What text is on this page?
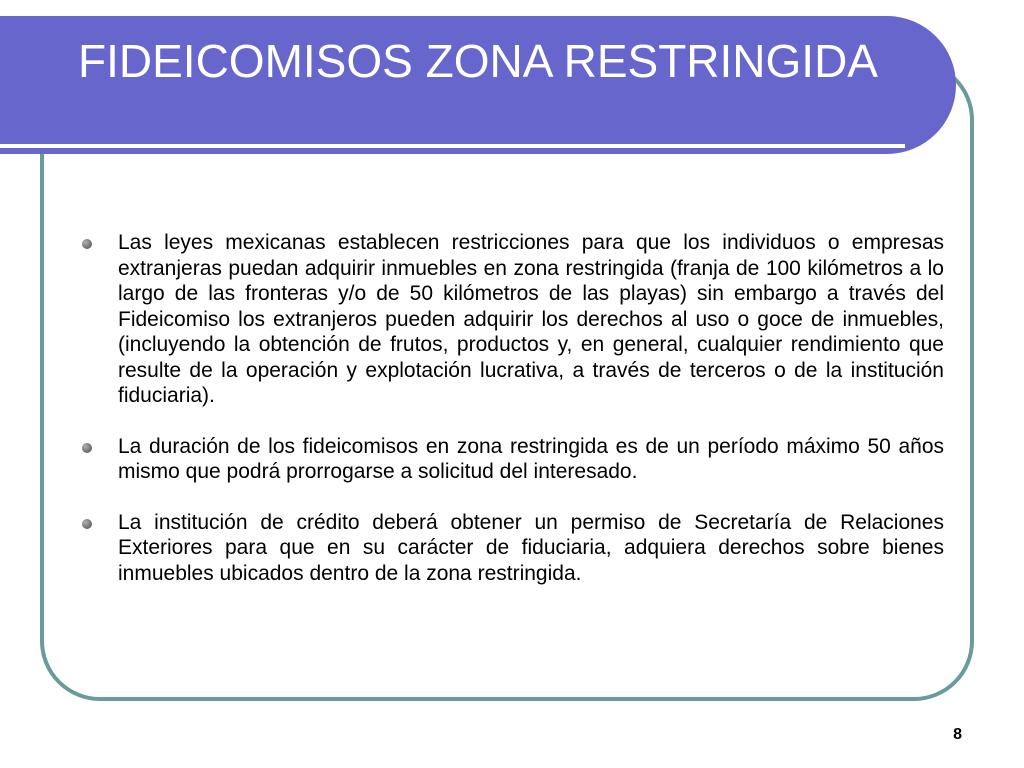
FIDEICOMISOS ZONA RESTRINGIDA
Las leyes mexicanas establecen restricciones para que los individuos o empresas extranjeras puedan adquirir inmuebles en zona restringida (franja de 100 kilómetros a lo largo de las fronteras y/o de 50 kilómetros de las playas) sin embargo a través del Fideicomiso los extranjeros pueden adquirir los derechos al uso o goce de inmuebles, (incluyendo la obtención de frutos, productos y, en general, cualquier rendimiento que resulte de la operación y explotación lucrativa, a través de terceros o de la institución fiduciaria).
La duración de los fideicomisos en zona restringida es de un período máximo 50 años mismo que podrá prorrogarse a solicitud del interesado.
La institución de crédito deberá obtener un permiso de Secretaría de Relaciones Exteriores para que en su carácter de fiduciaria, adquiera derechos sobre bienes inmuebles ubicados dentro de la zona restringida.
8
